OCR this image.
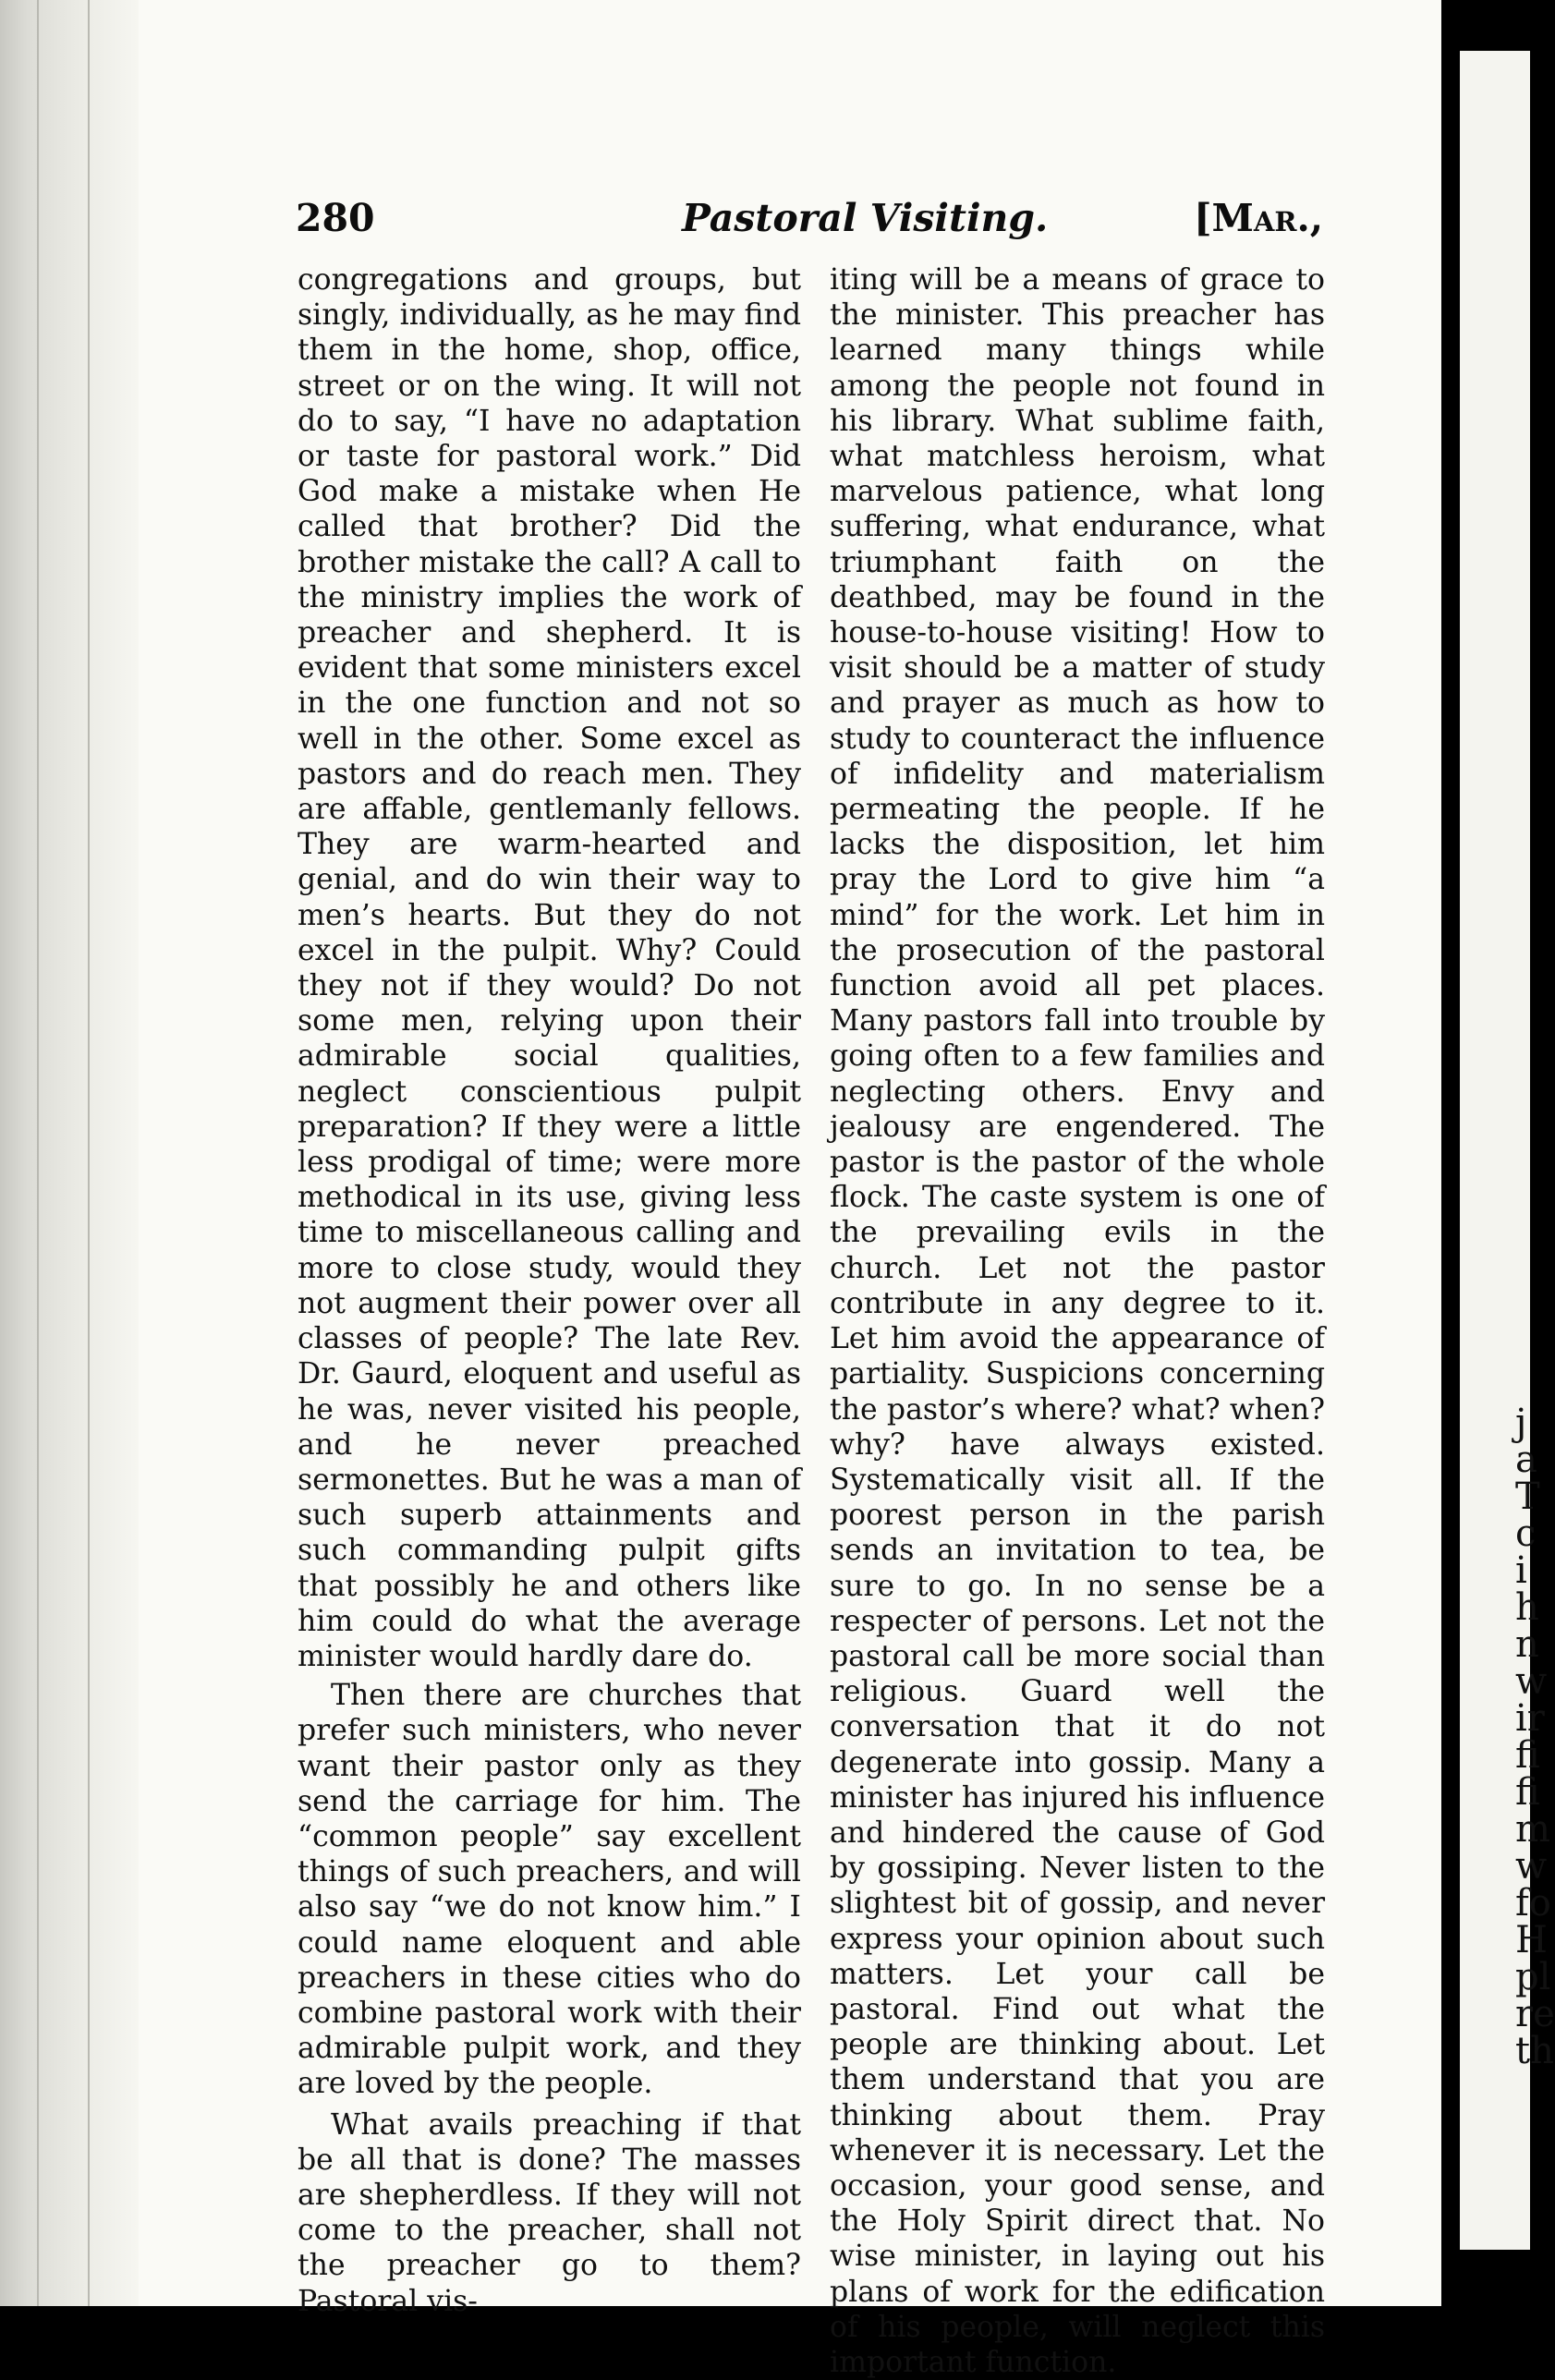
280	Pastoral Visiting.	[Mar.,

congregations and groups, but singly, individually, as he may find them in the home, shop, office, street or on the wing. It will not do to say, “I have no adaptation or taste for pastoral work.” Did God make a mistake when He called that brother? Did the brother mistake the call? A call to the ministry implies the work of preacher and shepherd. It is evident that some ministers excel in the one function and not so well in the other. Some excel as pastors and do reach men. They are affable, gentlemanly fellows. They are warm-hearted and genial, and do win their way to men’s hearts. But they do not excel in the pulpit. Why? Could they not if they would? Do not some men, relying upon their admirable social qualities, neglect conscientious pulpit preparation? If they were a little less prodigal of time; were more methodical in its use, giving less time to miscellaneous calling and more to close study, would they not augment their power over all classes of people? The late Rev. Dr. Gaurd, eloquent and useful as he was, never visited his people, and he never preached sermonettes. But he was a man of such superb attainments and such commanding pulpit gifts that possibly he and others like him could do what the average minister would hardly dare do.

Then there are churches that prefer such ministers, who never want their pastor only as they send the carriage for him. The “common people” say excellent things of such preachers, and will also say “we do not know him.” I could name eloquent and able preachers in these cities who do combine pastoral work with their admirable pulpit work, and they are loved by the people.

What avails preaching if that be all that is done? The masses are shepherdless. If they will not come to the preacher, shall not the preacher go to them? Pastoral vis-

iting will be a means of grace to the minister. This preacher has learned many things while among the people not found in his library. What sublime faith, what matchless heroism, what marvelous patience, what long suffering, what endurance, what triumphant faith on the deathbed, may be found in the house-to-house visiting! How to visit should be a matter of study and prayer as much as how to study to counteract the influence of infidelity and materialism permeating the people. If he lacks the disposition, let him pray the Lord to give him “a mind” for the work. Let him in the prosecution of the pastoral function avoid all pet places. Many pastors fall into trouble by going often to a few families and neglecting others. Envy and jealousy are engendered. The pastor is the pastor of the whole flock. The caste system is one of the prevailing evils in the church. Let not the pastor contribute in any degree to it. Let him avoid the appearance of partiality. Suspicions concerning the pastor’s where? what? when? why? have always existed. Systematically visit all. If the poorest person in the parish sends an invitation to tea, be sure to go. In no sense be a respecter of persons. Let not the pastoral call be more social than religious. Guard well the conversation that it do not degenerate into gossip. Many a minister has injured his influence and hindered the cause of God by gossiping. Never listen to the slightest bit of gossip, and never express your opinion about such matters. Let your call be pastoral. Find out what the people are thinking about. Let them understand that you are thinking about them. Pray whenever it is necessary. Let the occasion, your good sense, and the Holy Spirit direct that. No wise minister, in laying out his plans of work for the edification of his people, will neglect this important function.

j
a
T
c
i
h
n
w
ir
fi
fi
m
w
fo
H
pl
re
th
